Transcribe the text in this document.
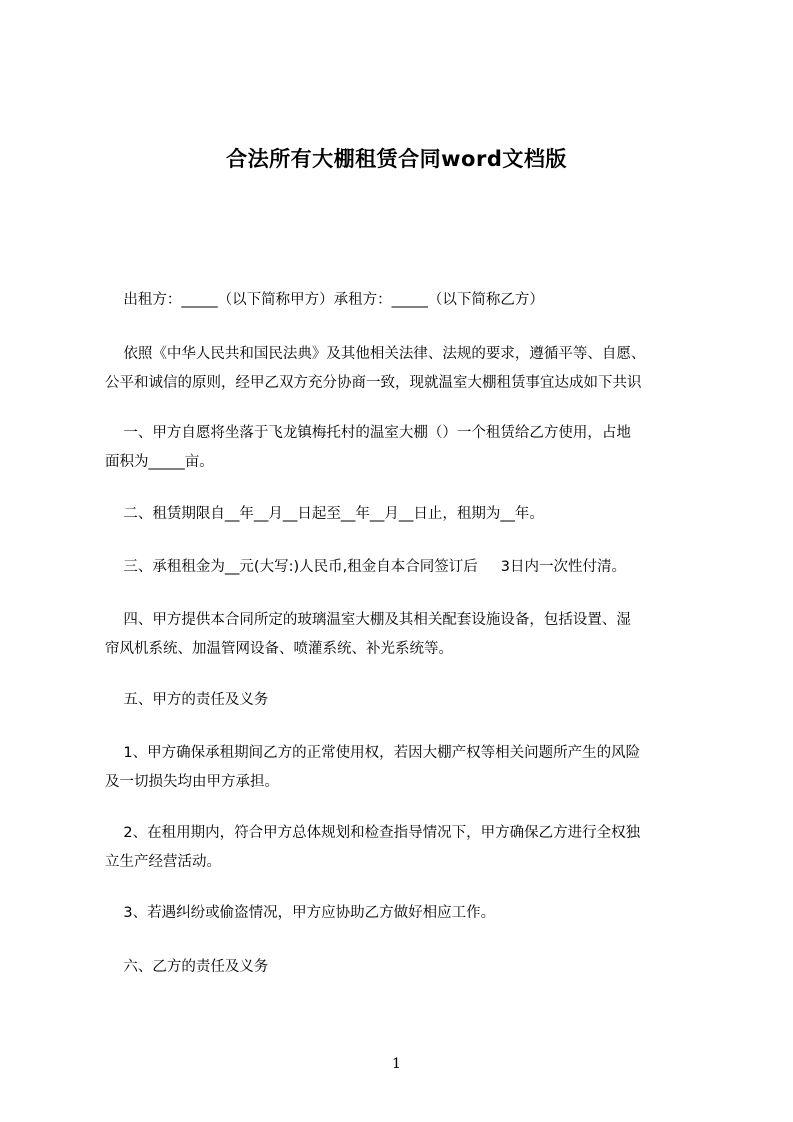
合法所有大棚租赁合同word文档版
出租方：_____（以下简称甲方）承租方：_____（以下简称乙方）
依照《中华人民共和国民法典》及其他相关法律、法规的要求，遵循平等、自愿、
公平和诚信的原则，经甲乙双方充分协商一致，现就温室大棚租赁事宜达成如下共识
一、甲方自愿将坐落于飞龙镇梅托村的温室大棚（）一个租赁给乙方使用，占地
面积为_____亩。
二、租赁期限自__年__月__日起至__年__月__日止，租期为__年。
三、承租租金为__元(大写:)人民币,租金自本合同签订后     3日内一次性付清。
四、甲方提供本合同所定的玻璃温室大棚及其相关配套设施设备，包括设置、湿
帘风机系统、加温管网设备、喷灌系统、补光系统等。
五、甲方的责任及义务
1、甲方确保承租期间乙方的正常使用权，若因大棚产权等相关问题所产生的风险
及一切损失均由甲方承担。
2、在租用期内，符合甲方总体规划和检查指导情况下，甲方确保乙方进行全权独
立生产经营活动。
3、若遇纠纷或偷盗情况，甲方应协助乙方做好相应工作。
六、乙方的责任及义务
1
